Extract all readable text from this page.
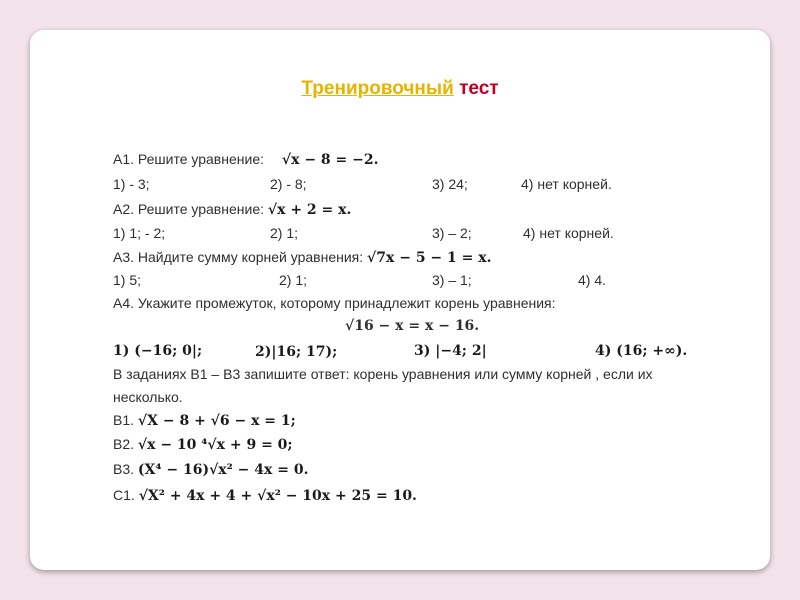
Тренировочный тест
А1. Решите уравнение: √x − 8 = −2.
1) - 3;	2) - 8;	3) 24;	4) нет корней.
А2. Решите уравнение: √x + 2 = x.
1) 1; - 2;	2) 1;	3) – 2;	4) нет корней.
А3. Найдите сумму корней уравнения: √7x − 5 − 1 = x.
1) 5;	2) 1;	3) – 1;	4) 4.
А4. Укажите промежуток, которому принадлежит корень уравнения:
√16 − x = x − 16.
1) (−16; 0|;	2)|16; 17);	3) |−4; 2|	4) (16; +∞).
В заданиях В1 – В3 запишите ответ: корень уравнения или сумму корней , если их
несколько.
В1. √X − 8 + √6 − x = 1;
В2. √x − 10 ⁴√x + 9 = 0;
В3. (X⁴ − 16)√x² − 4x = 0.
С1. √X² + 4x + 4 + √x² − 10x + 25 = 10.
